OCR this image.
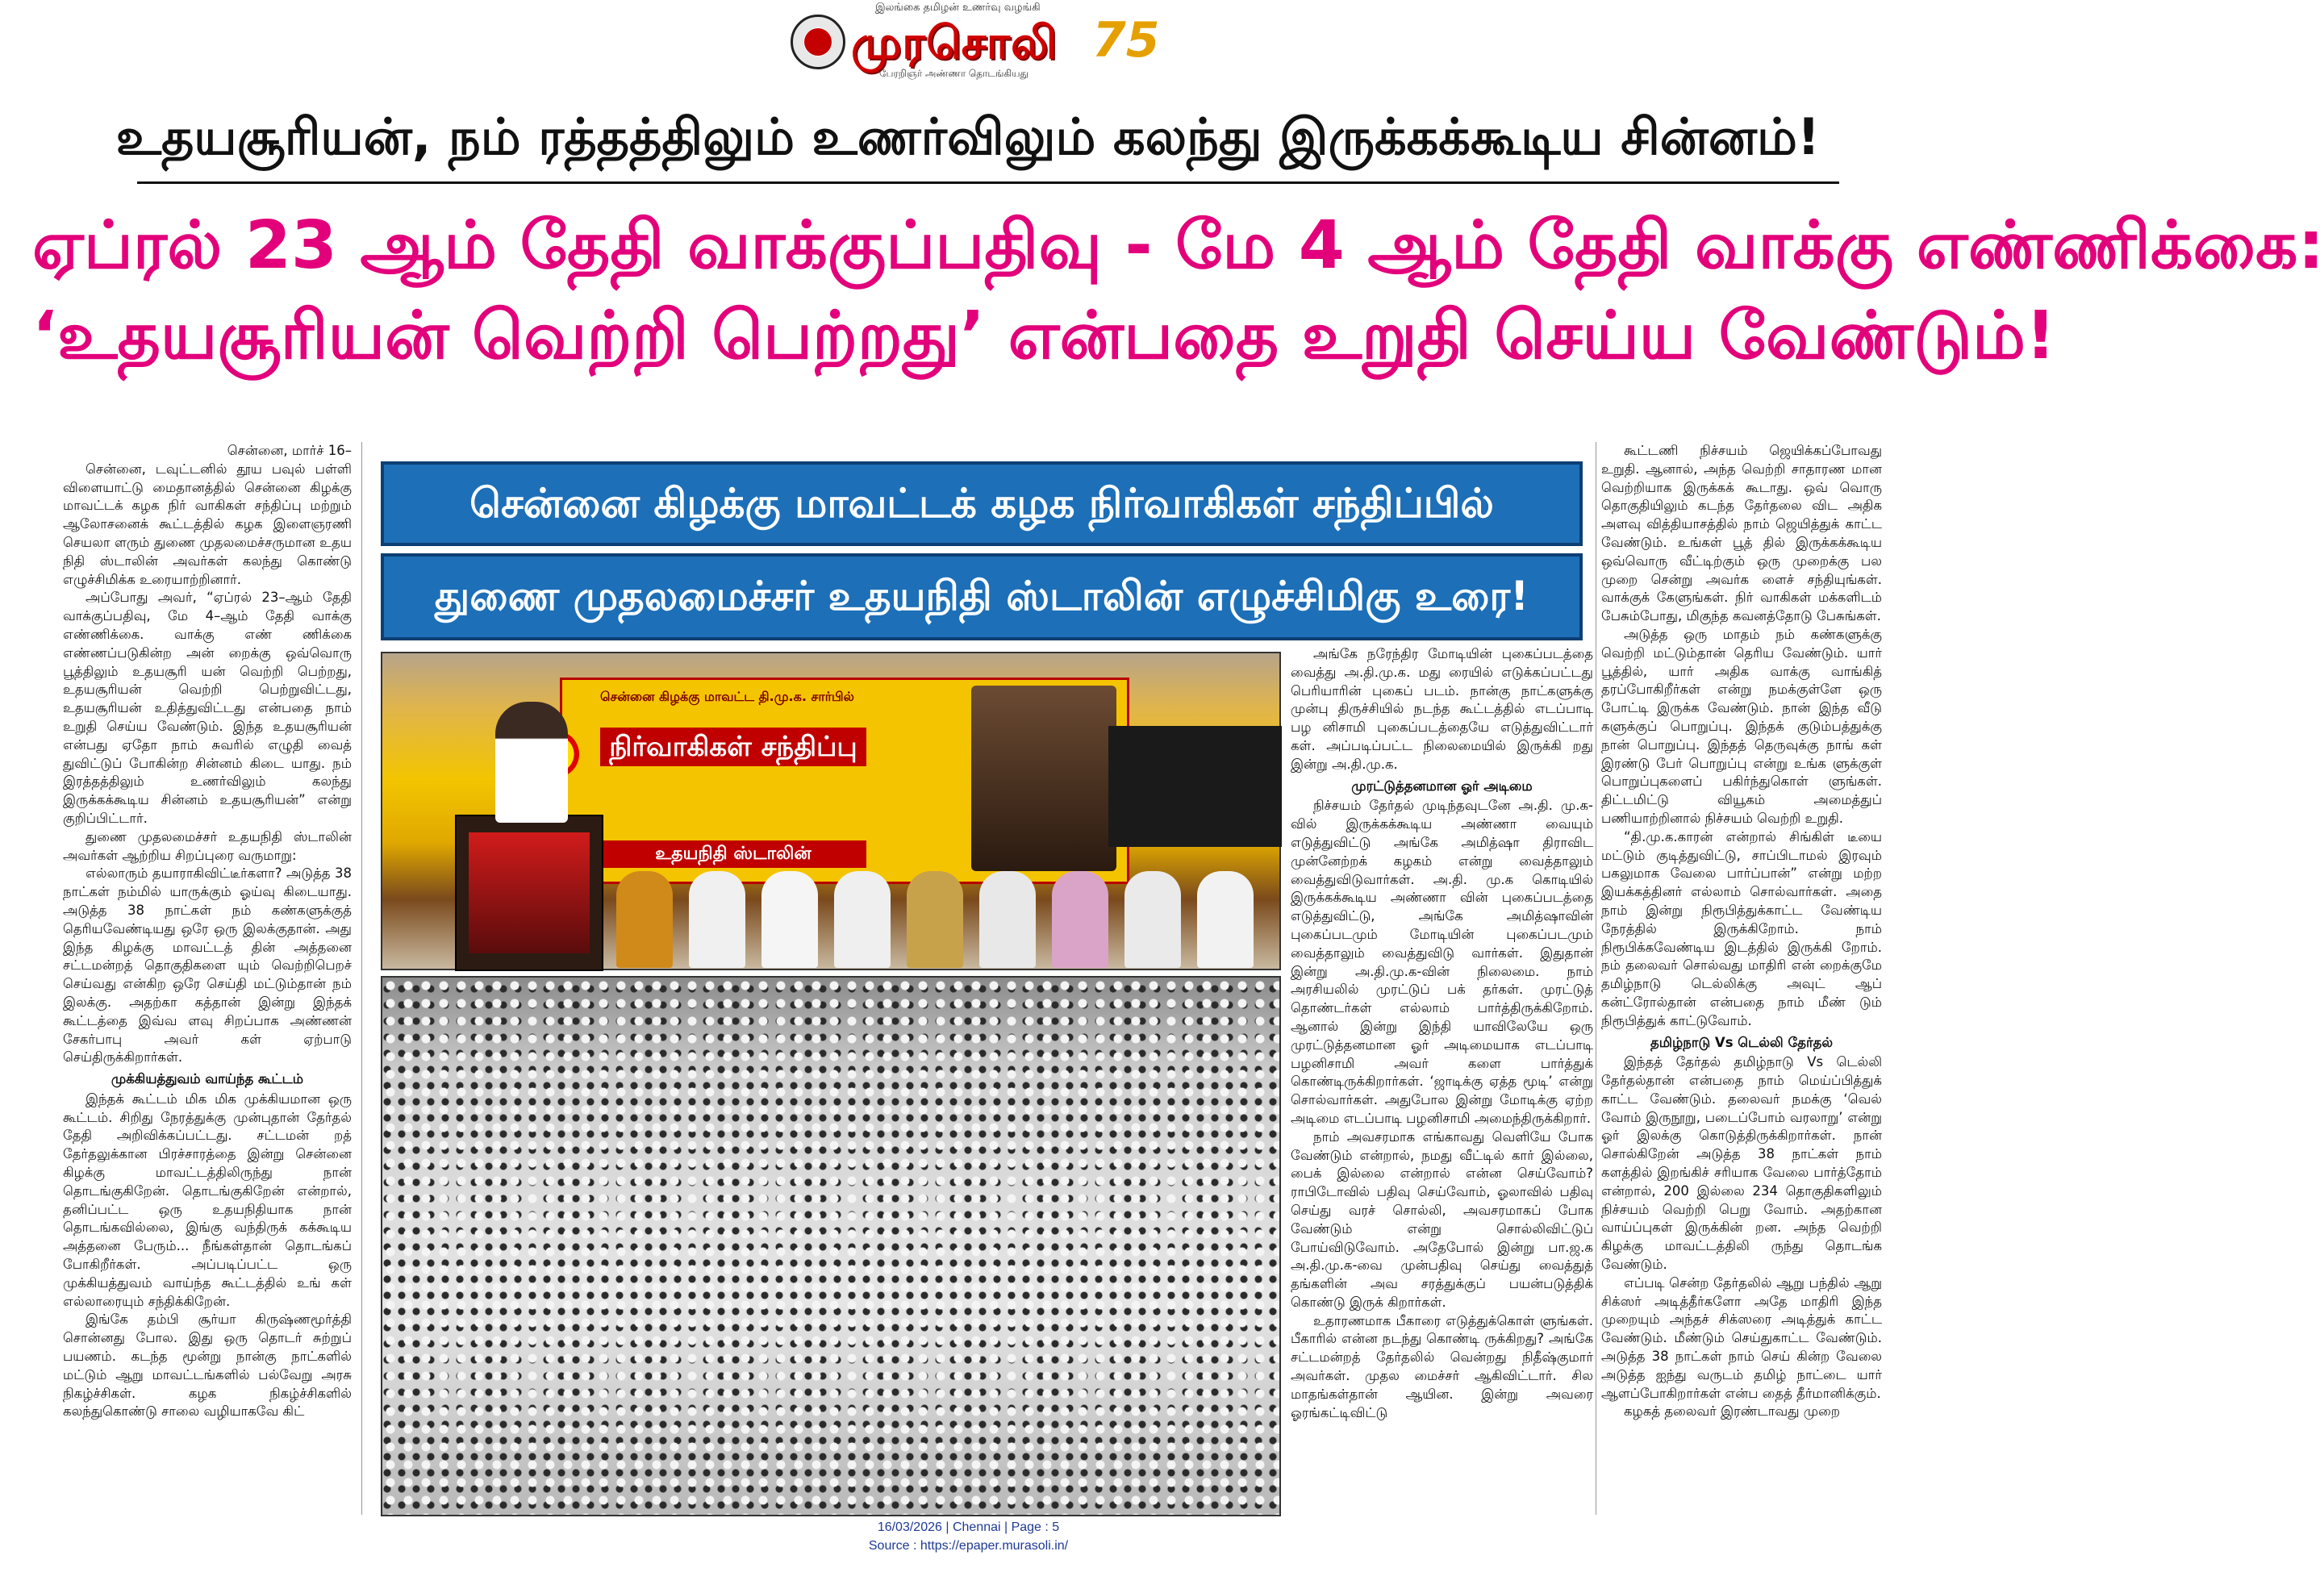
இலங்கை தமிழன் உணர்வு வழங்கி
முரசொலி 75
பேரறிஞர் அண்ணா தொடங்கியது
உதயசூரியன், நம் ரத்தத்திலும் உணர்விலும் கலந்து இருக்கக்கூடிய சின்னம்!
ஏப்ரல் 23 ஆம் தேதி வாக்குப்பதிவு - மே 4 ஆம் தேதி வாக்கு எண்ணிக்கை:
‘உதயசூரியன் வெற்றி பெற்றது’ என்பதை உறுதி செய்ய வேண்டும்!

சென்னை, மார்ச் 16–

சென்னை, டவுட்டனில் தூய பவுல் பள்ளி விளையாட்டு மைதானத்தில் சென்னை கிழக்கு மாவட்டக் கழக நிர் வாகிகள் சந்திப்பு மற்றும் ஆலோசனைக் கூட்டத்தில் கழக இளைஞரணி செயலா ளரும் துணை முதலமைச்சருமான உதய நிதி ஸ்டாலின் அவர்கள் கலந்து கொண்டு எழுச்சிமிக்க உரையாற்றினார்.

அப்போது அவர், “ஏப்ரல் 23–ஆம் தேதி வாக்குப்பதிவு, மே 4–ஆம் தேதி வாக்கு எண்ணிக்கை. வாக்கு எண் ணிக்கை எண்ணப்படுகின்ற அன் றைக்கு ஒவ்வொரு பூத்திலும் உதயசூரி யன் வெற்றி பெற்றது, உதயசூரியன் வெற்றி பெற்றுவிட்டது, உதயசூரியன் உதித்துவிட்டது என்பதை நாம் உறுதி செய்ய வேண்டும். இந்த உதயசூரியன் என்பது ஏதோ நாம் சுவரில் எழுதி வைத் துவிட்டுப் போகின்ற சின்னம் கிடை யாது. நம் இரத்தத்திலும் உணர்விலும் கலந்து இருக்கக்கூடிய சின்னம் உதயசூரியன்” என்று குறிப்பிட்டார்.

துணை முதலமைச்சர் உதயநிதி ஸ்டாலின் அவர்கள் ஆற்றிய சிறப்புரை வருமாறு:

எல்லாரும் தயாராகிவிட்டீர்களா? அடுத்த 38 நாட்கள் நம்மில் யாருக்கும் ஓய்வு கிடையாது. அடுத்த 38 நாட்கள் நம் கண்களுக்குத் தெரியவேண்டியது ஒரே ஒரு இலக்குதான். அது இந்த கிழக்கு மாவட்டத் தின் அத்தனை சட்டமன்றத் தொகுதிகளை யும் வெற்றிபெறச் செய்வது என்கிற ஒரே செய்தி மட்டும்தான் நம் இலக்கு. அதற்கா கத்தான் இன்று இந்தக் கூட்டத்தை இவ்வ ளவு சிறப்பாக அண்ணன் சேகர்பாபு அவர் கள் ஏற்பாடு செய்திருக்கிறார்கள்.

முக்கியத்துவம் வாய்ந்த கூட்டம்

இந்தக் கூட்டம் மிக மிக முக்கியமான ஒரு கூட்டம். சிறிது நேரத்துக்கு முன்புதான் தேர்தல் தேதி அறிவிக்கப்பட்டது. சட்டமன் றத் தேர்தலுக்கான பிரச்சாரத்தை இன்று சென்னை கிழக்கு மாவட்டத்திலிருந்து நான் தொடங்குகிறேன். தொடங்குகிறேன் என்றால், தனிப்பட்ட ஒரு உதயநிதியாக நான் தொடங்கவில்லை, இங்கு வந்திருக் கக்கூடிய அத்தனை பேரும்... நீங்கள்தான் தொடங்கப் போகிறீர்கள். அப்படிப்பட்ட ஒரு முக்கியத்துவம் வாய்ந்த கூட்டத்தில் உங் கள் எல்லாரையும் சந்திக்கிறேன்.

இங்கே தம்பி சூர்யா கிருஷ்ணமூர்த்தி சொன்னது போல. இது ஒரு தொடர் சுற்றுப் பயணம். கடந்த மூன்று நான்கு நாட்களில் மட்டும் ஆறு மாவட்டங்களில் பல்வேறு அரசு நிகழ்ச்சிகள். கழக நிகழ்ச்சிகளில் கலந்துகொண்டு சாலை வழியாகவே கிட்

சென்னை கிழக்கு மாவட்டக் கழக நிர்வாகிகள் சந்திப்பில்
துணை முதலமைச்சர் உதயநிதி ஸ்டாலின் எழுச்சிமிகு உரை!
சென்னை கிழக்கு மாவட்ட தி.மு.க. சார்பில்
நிர்வாகிகள் சந்திப்பு
உதயநிதி ஸ்டாலின்

அங்கே நரேந்திர மோடியின் புகைப்படத்தை வைத்து அ.தி.மு.க. மது ரையில் எடுக்கப்பட்டது பெரியாரின் புகைப் படம். நான்கு நாட்களுக்கு முன்பு திருச்சியில் நடந்த கூட்டத்தில் எடப்பாடி பழ னிசாமி புகைப்படத்தையே எடுத்துவிட்டார் கள். அப்படிப்பட்ட நிலைமையில் இருக்கி றது இன்று அ.தி.மு.க.

முரட்டுத்தனமான ஓர் அடிமை

நிச்சயம் தேர்தல் முடிந்தவுடனே அ.தி. மு.க-வில் இருக்கக்கூடிய அண்ணா வையும் எடுத்துவிட்டு அங்கே அமித்ஷா திராவிட முன்னேற்றக் கழகம் என்று வைத்தாலும் வைத்துவிடுவார்கள். அ.தி. மு.க கொடியில் இருக்கக்கூடிய அண்ணா வின் புகைப்படத்தை எடுத்துவிட்டு, அங்கே அமித்ஷாவின் புகைப்படமும் மோடியின் புகைப்படமும் வைத்தாலும் வைத்துவிடு வார்கள். இதுதான் இன்று அ.தி.மு.க-வின் நிலைமை. நாம் அரசியலில் முரட்டுப் பக் தர்கள். முரட்டுத் தொண்டர்கள் எல்லாம் பார்த்திருக்கிறோம். ஆனால் இன்று இந்தி யாவிலேயே ஒரு முரட்டுத்தனமான ஓர் அடிமையாக எடப்பாடி பழனிசாமி அவர் களை பார்த்துக் கொண்டிருக்கிறார்கள். ‘ஜாடிக்கு ஏத்த மூடி’ என்று சொல்வார்கள். அதுபோல இன்று மோடிக்கு ஏற்ற அடிமை எடப்பாடி பழனிசாமி அமைந்திருக்கிறார்.

நாம் அவசரமாக எங்காவது வெளியே போக வேண்டும் என்றால், நமது வீட்டில் கார் இல்லை, பைக் இல்லை என்றால் என்ன செய்வோம்? ராபிடோவில் பதிவு செய்வோம், ஓலாவில் பதிவு செய்து வரச் சொல்லி, அவசரமாகப் போக வேண்டும் என்று சொல்லிவிட்டுப் போய்விடுவோம். அதேபோல் இன்று பா.ஜ.க அ.தி.மு.க-வை முன்பதிவு செய்து வைத்துத் தங்களின் அவ சரத்துக்குப் பயன்படுத்திக் கொண்டு இருக் கிறார்கள்.

உதாரணமாக பீகாரை எடுத்துக்கொள் ளுங்கள். பீகாரில் என்ன நடந்து கொண்டி ருக்கிறது? அங்கே சட்டமன்றத் தேர்தலில் வென்றது நிதீஷ்குமார் அவர்கள். முதல மைச்சர் ஆகிவிட்டார். சில மாதங்கள்தான் ஆயின. இன்று அவரை ஓரங்கட்டிவிட்டு

கூட்டணி நிச்சயம் ஜெயிக்கப்போவது உறுதி. ஆனால், அந்த வெற்றி சாதாரண மான வெற்றியாக இருக்கக் கூடாது. ஒவ் வொரு தொகுதியிலும் கடந்த தேர்தலை விட அதிக அளவு வித்தியாசத்தில் நாம் ஜெயித்துக் காட்ட வேண்டும். உங்கள் பூத் தில் இருக்கக்கூடிய ஒவ்வொரு வீட்டிற்கும் ஒரு முறைக்கு பல முறை சென்று அவர்க ளைச் சந்தியுங்கள். வாக்குக் கேளுங்கள். நிர் வாகிகள் மக்களிடம் பேசும்போது, மிகுந்த கவனத்தோடு பேசுங்கள்.

அடுத்த ஒரு மாதம் நம் கண்களுக்கு வெற்றி மட்டும்தான் தெரிய வேண்டும். யார் பூத்தில், யார் அதிக வாக்கு வாங்கித் தரப்போகிறீர்கள் என்று நமக்குள்ளே ஒரு போட்டி இருக்க வேண்டும். நான் இந்த வீடு களுக்குப் பொறுப்பு. இந்தக் குடும்பத்துக்கு நான் பொறுப்பு. இந்தத் தெருவுக்கு நாங் கள் இரண்டு பேர் பொறுப்பு என்று உங்க ளுக்குள் பொறுப்புகளைப் பகிர்ந்துகொள் ளுங்கள். திட்டமிட்டு வியூகம் அமைத்துப் பணியாற்றினால் நிச்சயம் வெற்றி உறுதி.

“தி.மு.க.காரன் என்றால் சிங்கிள் டீயை மட்டும் குடித்துவிட்டு, சாப்பிடாமல் இரவும் பகலுமாக வேலை பார்ப்பான்” என்று மற்ற இயக்கத்தினர் எல்லாம் சொல்வார்கள். அதை நாம் இன்று நிரூபித்துக்காட்ட வேண்டிய நேரத்தில் இருக்கிறோம். நாம் நிரூபிக்கவேண்டிய இடத்தில் இருக்கி றோம். நம் தலைவர் சொல்வது மாதிரி என் றைக்குமே தமிழ்நாடு டெல்லிக்கு அவுட் ஆப் கன்ட்ரோல்தான் என்பதை நாம் மீண் டும் நிரூபித்துக் காட்டுவோம்.

தமிழ்நாடு Vs டெல்லி தேர்தல்

இந்தத் தேர்தல் தமிழ்நாடு Vs டெல்லி தேர்தல்தான் என்பதை நாம் மெய்ப்பித்துக் காட்ட வேண்டும். தலைவர் நமக்கு ‘வெல் வோம் இருநூறு, படைப்போம் வரலாறு’ என்று ஓர் இலக்கு கொடுத்திருக்கிறார்கள். நான் சொல்கிறேன் அடுத்த 38 நாட்கள் நாம் களத்தில் இறங்கிச் சரியாக வேலை பார்த்தோம் என்றால், 200 இல்லை 234 தொகுதிகளிலும் நிச்சயம் வெற்றி பெறு வோம். அதற்கான வாய்ப்புகள் இருக்கின் றன. அந்த வெற்றி கிழக்கு மாவட்டத்திலி ருந்து தொடங்க வேண்டும்.

எப்படி சென்ற தேர்தலில் ஆறு பந்தில் ஆறு சிக்ஸர் அடித்தீர்களோ அதே மாதிரி இந்த முறையும் அந்தச் சிக்ஸரை அடித்துக் காட்ட வேண்டும். மீண்டும் செய்துகாட்ட வேண்டும். அடுத்த 38 நாட்கள் நாம் செய் கின்ற வேலை அடுத்த ஐந்து வருடம் தமிழ் நாட்டை யார் ஆளப்போகிறார்கள் என்ப தைத் தீர்மானிக்கும்.

கழகத் தலைவர் இரண்டாவது முறை

16/03/2026 | Chennai | Page : 5
Source : https://epaper.murasoli.in/
